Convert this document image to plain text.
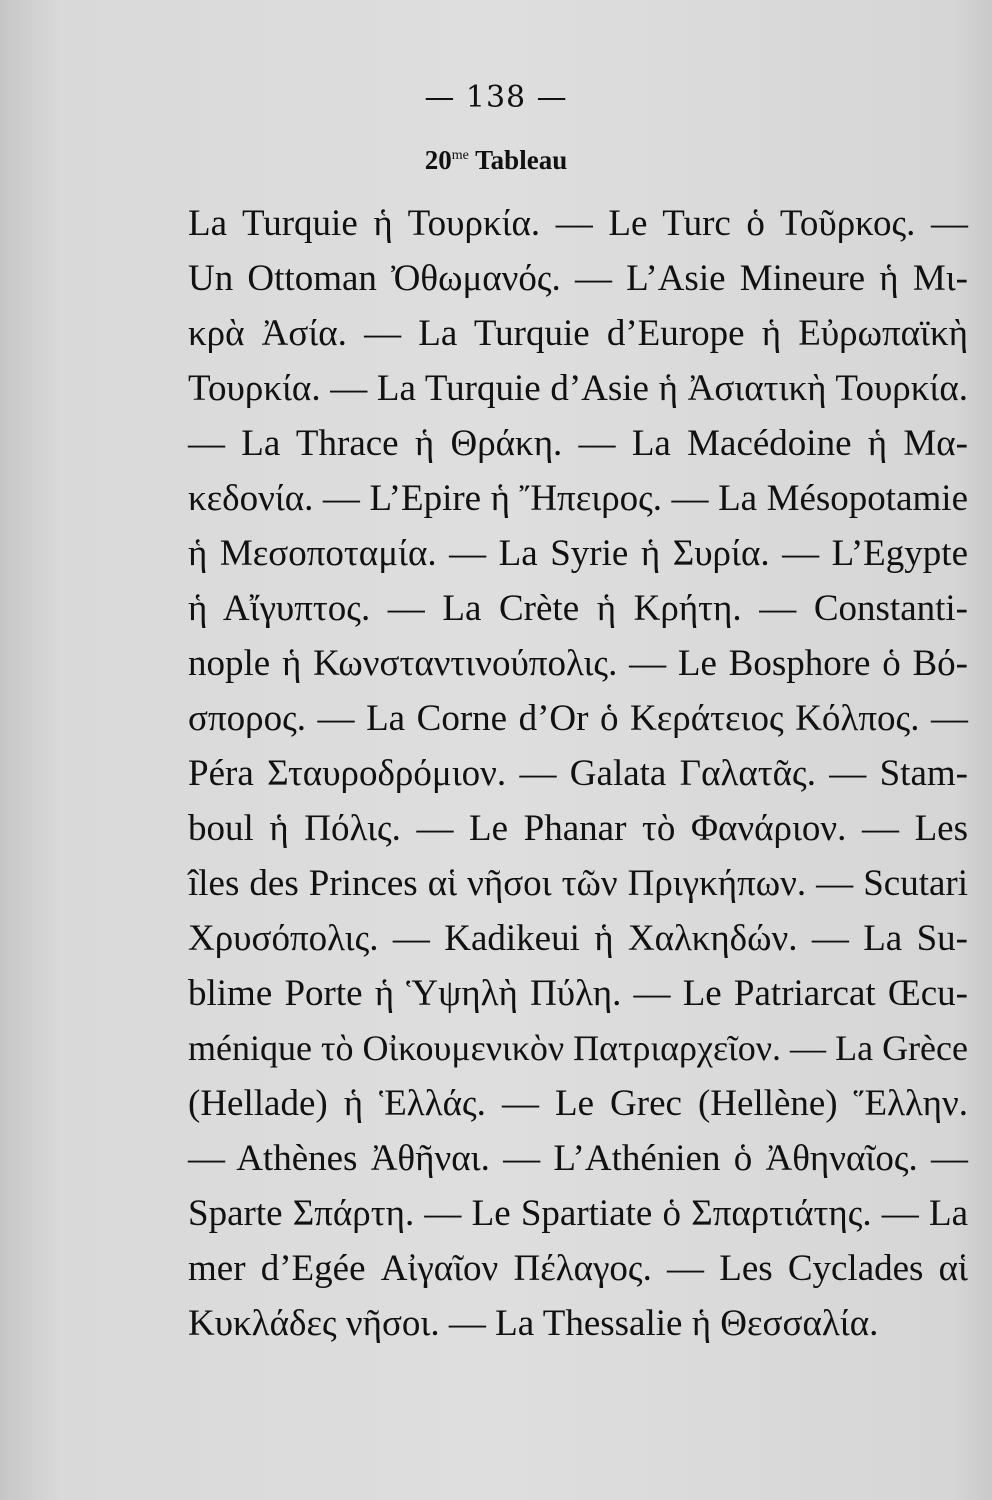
— 138 —
$20^{me}$ Tableau
La Turquie ἡ Τουρκία. — Le Turc ὁ Τοῦρκος. —
Un Ottoman Ὀθωμανός. — L’Asie Mineure ἡ Μι-
κρὰ Ἀσία. — La Turquie d’Europe ἡ Εὐρωπαϊκὴ
Τουρκία. — La Turquie d’Asie ἡ Ἀσιατικὴ Τουρκία.
— La Thrace ἡ Θράκη. — La Macédoine ἡ Μα-
κεδονία. — L’Epire ἡ Ἤπειρος. — La Mésopotamie
ἡ Μεσοποταμία. — La Syrie ἡ Συρία. — L’Egypte
ἡ Αἴγυπτος. — La Crète ἡ Κρήτη. — Constanti-
nople ἡ Κωνσταντινούπολις. — Le Bosphore ὁ Βό-
σπορος. — La Corne d’Or ὁ Κεράτειος Κόλπος. —
Péra Σταυροδρόμιον. — Galata Γαλατᾶς. — Stam-
boul ἡ Πόλις. — Le Phanar τὸ Φανάριον. — Les
îles des Princes αἱ νῆσοι τῶν Πριγκήπων. — Scutari
Χρυσόπολις. — Kadikeui ἡ Χαλκηδών. — La Su-
blime Porte ἡ Ὑψηλὴ Πύλη. — Le Patriarcat Œcu-
ménique τὸ Οἰκουμενικὸν Πατριαρχεῖον. — La Grèce
(Hellade) ἡ Ἑλλάς. — Le Grec (Hellène) Ἕλλην.
— Athènes Ἀθῆναι. — L’Athénien ὁ Ἀθηναῖος. —
Sparte Σπάρτη. — Le Spartiate ὁ Σπαρτιάτης. — La
mer d’Egée Αἰγαῖον Πέλαγος. — Les Cyclades αἱ
Κυκλάδες νῆσοι. — La Thessalie ἡ Θεσσαλία.
